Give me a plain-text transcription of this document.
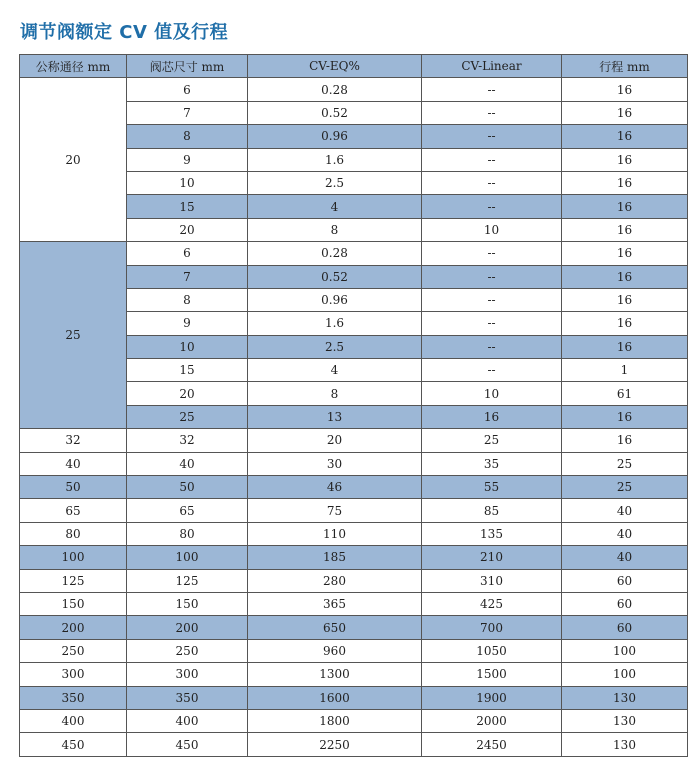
调节阀额定 CV 值及行程
公称通径 mm	阀芯尺寸 mm	CV-EQ%	CV-Linear	行程 mm
20	6	0.28	--	16
	7	0.52	--	16
	8	0.96	--	16
	9	1.6	--	16
	10	2.5	--	16
	15	4	--	16
	20	8	10	16
25	6	0.28	--	16
	7	0.52	--	16
	8	0.96	--	16
	9	1.6	--	16
	10	2.5	--	16
	15	4	--	1
	20	8	10	61
	25	13	16	16
32	32	20	25	16
40	40	30	35	25
50	50	46	55	25
65	65	75	85	40
80	80	110	135	40
100	100	185	210	40
125	125	280	310	60
150	150	365	425	60
200	200	650	700	60
250	250	960	1050	100
300	300	1300	1500	100
350	350	1600	1900	130
400	400	1800	2000	130
450	450	2250	2450	130
